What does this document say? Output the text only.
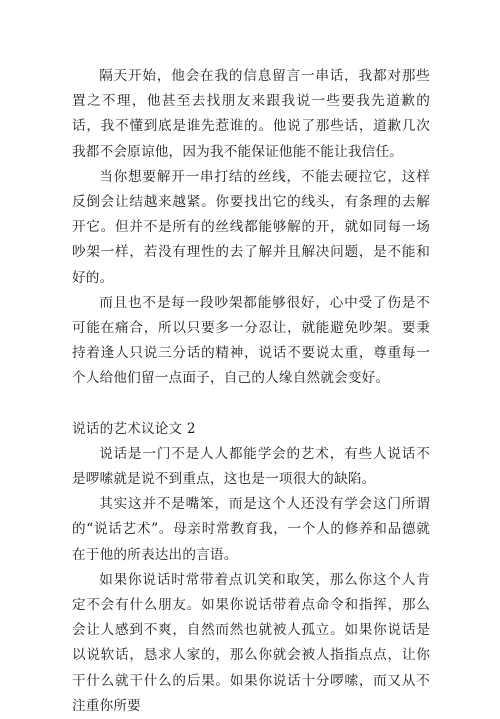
隔天开始，他会在我的信息留言一串话，我都对那些置之不理，他甚至去找朋友来跟我说一些要我先道歉的话，我不懂到底是谁先惹谁的。他说了那些话，道歉几次我都不会原谅他，因为我不能保证他能不能让我信任。

当你想要解开一串打结的丝线，不能去硬拉它，这样反倒会让结越来越紧。你要找出它的线头，有条理的去解开它。但并不是所有的丝线都能够解的开，就如同每一场吵架一样，若没有理性的去了解并且解决问题，是不能和好的。

而且也不是每一段吵架都能够很好，心中受了伤是不可能在痛合，所以只要多一分忍让，就能避免吵架。要秉持着逢人只说三分话的精神，说话不要说太重，尊重每一个人给他们留一点面子，自己的人缘自然就会变好。

说话的艺术议论文 2

说话是一门不是人人都能学会的艺术，有些人说话不是啰嗦就是说不到重点，这也是一项很大的缺陷。

其实这并不是嘴笨，而是这个人还没有学会这门所谓的“说话艺术”。母亲时常教育我，一个人的修养和品德就在于他的所表达出的言语。

如果你说话时常带着点讥笑和取笑，那么你这个人肯定不会有什么朋友。如果你说话带着点命令和指挥，那么会让人感到不爽，自然而然也就被人孤立。如果你说话是以说软话，恳求人家的，那么你就会被人指指点点，让你干什么就干什么的后果。如果你说话十分啰嗦，而又从不注重你所要
